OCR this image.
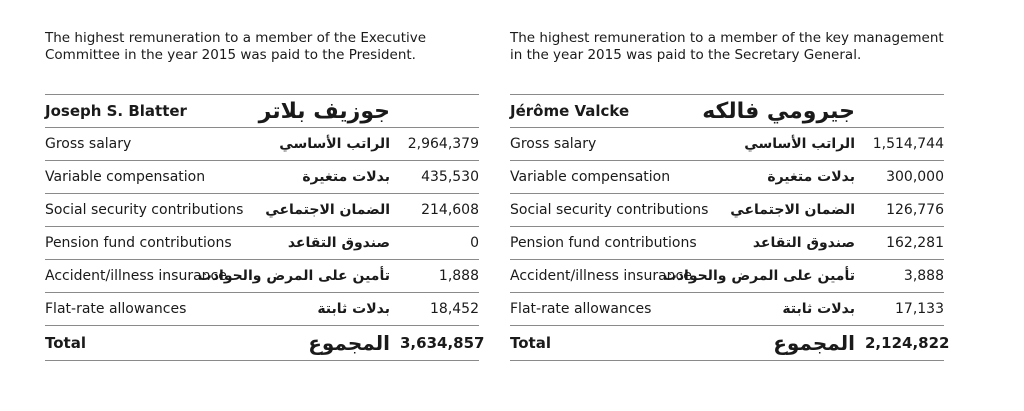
The highest remuneration to a member of the Executive Committee in the year 2015 was paid to the President.

Joseph S. Blatter	جوزيف بلاتر	
Gross salary	الراتب الأساسي	2,964,379
Variable compensation	بدلات متغيرة	435,530
Social security contributions	الضمان الاجتماعي	214,608
Pension fund contributions	صندوق التقاعد	0
Accident/illness insurance	تأمين على المرض والحوادث	1,888
Flat-rate allowances	بدلات ثابتة	18,452
Total	المجموع	3,634,857

The highest remuneration to a member of the key management in the year 2015 was paid to the Secretary General.

Jérôme Valcke	جيرومي فالكه	
Gross salary	الراتب الأساسي	1,514,744
Variable compensation	بدلات متغيرة	300,000
Social security contributions	الضمان الاجتماعي	126,776
Pension fund contributions	صندوق التقاعد	162,281
Accident/illness insurance	تأمين على المرض والحوادث	3,888
Flat-rate allowances	بدلات ثابتة	17,133
Total	المجموع	2,124,822
